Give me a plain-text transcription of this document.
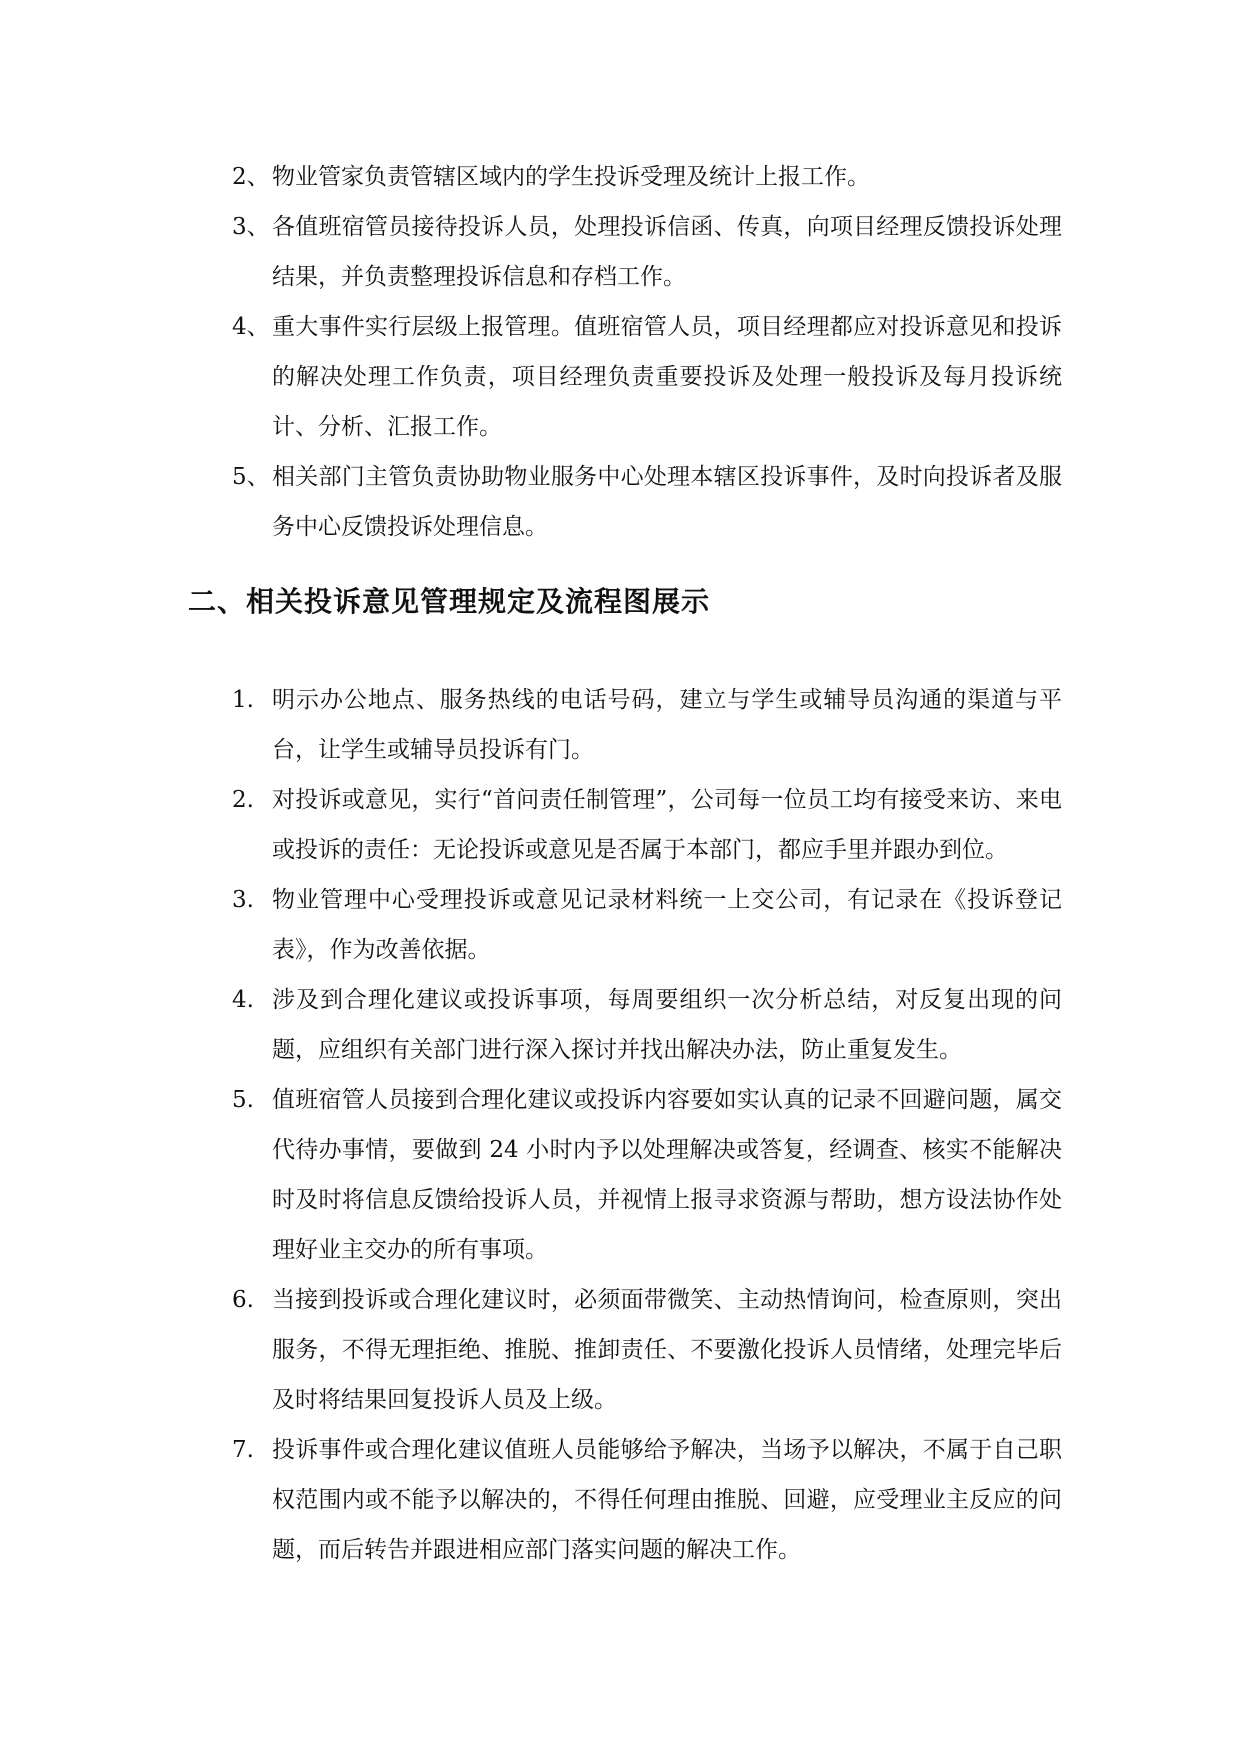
2、 物业管家负责管辖区域内的学生投诉受理及统计上报工作。

3、 各值班宿管员接待投诉人员，处理投诉信函、传真，向项目经理反馈投诉处理结果，并负责整理投诉信息和存档工作。

4、 重大事件实行层级上报管理。值班宿管人员，项目经理都应对投诉意见和投诉的解决处理工作负责，项目经理负责重要投诉及处理一般投诉及每月投诉统计、分析、汇报工作。

5、 相关部门主管负责协助物业服务中心处理本辖区投诉事件，及时向投诉者及服务中心反馈投诉处理信息。

二、相关投诉意见管理规定及流程图展示

1. 明示办公地点、服务热线的电话号码，建立与学生或辅导员沟通的渠道与平台，让学生或辅导员投诉有门。

2. 对投诉或意见，实行“首问责任制管理”，公司每一位员工均有接受来访、来电或投诉的责任：无论投诉或意见是否属于本部门，都应手里并跟办到位。

3. 物业管理中心受理投诉或意见记录材料统一上交公司，有记录在《投诉登记表》，作为改善依据。

4. 涉及到合理化建议或投诉事项，每周要组织一次分析总结，对反复出现的问题，应组织有关部门进行深入探讨并找出解决办法，防止重复发生。

5. 值班宿管人员接到合理化建议或投诉内容要如实认真的记录不回避问题，属交代待办事情，要做到 24 小时内予以处理解决或答复，经调查、核实不能解决时及时将信息反馈给投诉人员，并视情上报寻求资源与帮助，想方设法协作处理好业主交办的所有事项。

6. 当接到投诉或合理化建议时，必须面带微笑、主动热情询问，检查原则，突出服务，不得无理拒绝、推脱、推卸责任、不要激化投诉人员情绪，处理完毕后及时将结果回复投诉人员及上级。

7. 投诉事件或合理化建议值班人员能够给予解决，当场予以解决，不属于自己职权范围内或不能予以解决的，不得任何理由推脱、回避，应受理业主反应的问题，而后转告并跟进相应部门落实问题的解决工作。
